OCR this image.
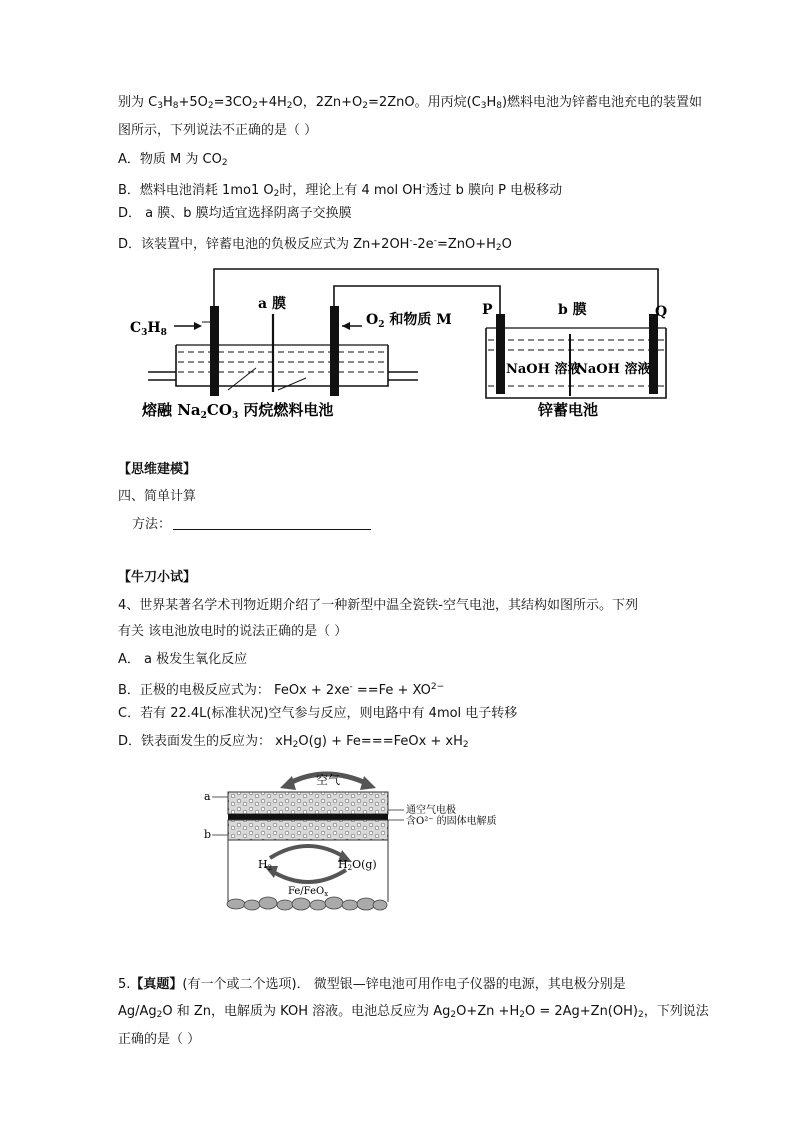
别为 $C_3H_8+5O_2=3CO_2+4H_2O$，$2Zn+O_2=2ZnO$。用丙烷$(C_3H_8)$燃料电池为锌蓄电池充电的装置如
图所示，下列说法不正确的是（ ）
A．物质 M 为 $CO_2$
B．燃料电池消耗 1mo1 $O_2$时，理论上有 4 mol OH-透过 b 膜向 P 电极移动
D． a 膜、b 膜均适宜选择阴离子交换膜
D．该装置中，锌蓄电池的负极反应式为 $Zn+2OH^--2e^-=ZnO+H_2O$
$C_3H_8$
a 膜
$O_2$ 和物质 M
熔融 $Na_2CO_3$ 丙烷燃料电池
P	b 膜	Q
NaOH 溶液
NaOH 溶液
锌蓄电池
【思维建模】
四、简单计算
方法：
【牛刀小试】
4、世界某著名学术刊物近期介绍了一种新型中温全瓷铁-空气电池，其结构如图所示。下列
有关 该电池放电时的说法正确的是（ ）
A． a 极发生氧化反应
B．正极的电极反应式为： FeOx + $2xe^- ==Fe + XO^{2-}$
C．若有 22.4L(标准状况)空气参与反应，则电路中有 4mol 电子转移
D．铁表面发生的反应为： $xH_2O(g)$ + Fe===FeOx + $xH_2$
空气
a
b
通空气电极
含O²⁻ 的固体电解质
H2	H2O(g)
Fe/FeO$_x$
5.【真题】(有一个或二个选项)． 微型银—锌电池可用作电子仪器的电源，其电极分别是
$Ag/Ag_2O$ 和 Zn，电解质为 KOH 溶液。电池总反应为 $Ag_2O+Zn +H_2O = 2Ag+Zn(OH)_2$，下列说法
正确的是（ ）
